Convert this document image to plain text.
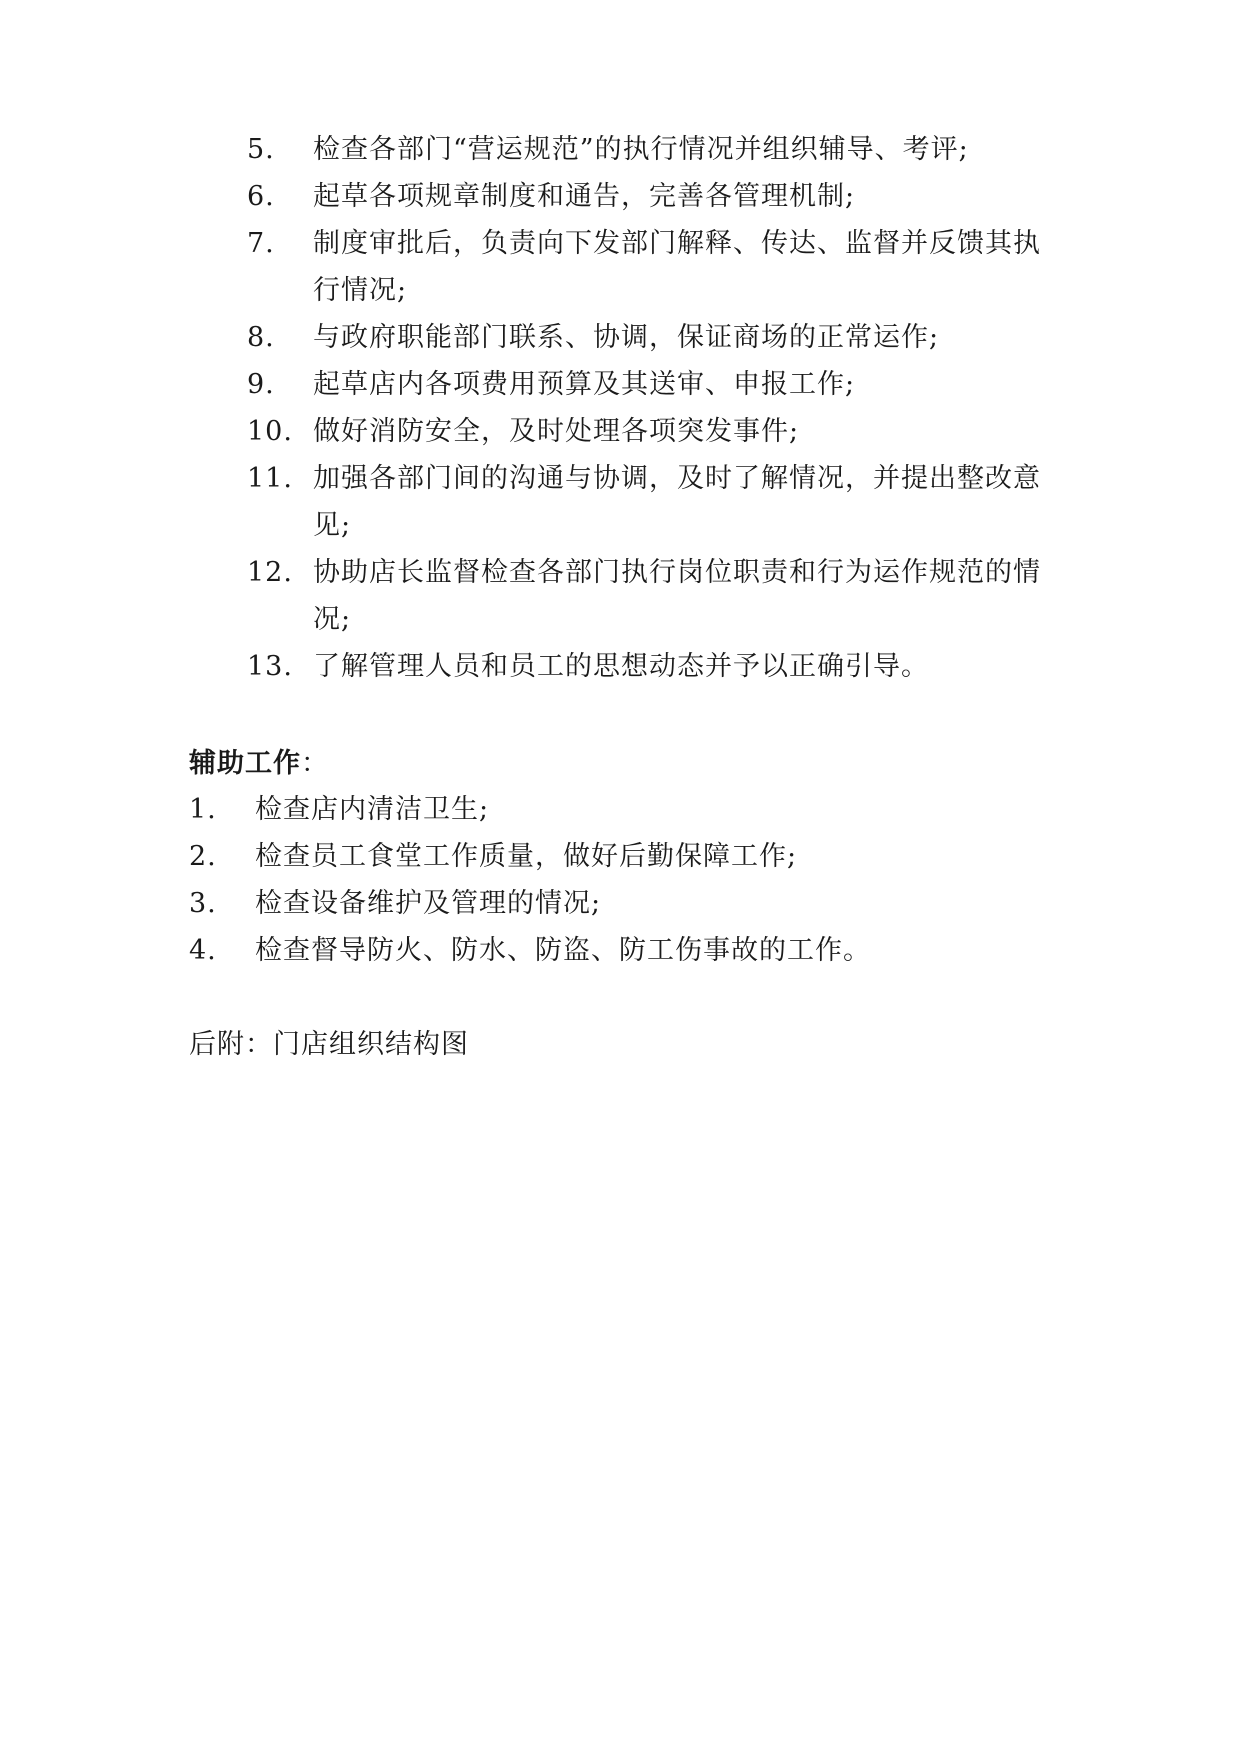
5.	检查各部门“营运规范”的执行情况并组织辅导、考评;
6.	起草各项规章制度和通告，完善各管理机制;
7.	制度审批后，负责向下发部门解释、传达、监督并反馈其执行情况;
8.	与政府职能部门联系、协调，保证商场的正常运作;
9.	起草店内各项费用预算及其送审、申报工作;
10. 做好消防安全，及时处理各项突发事件;
11. 加强各部门间的沟通与协调，及时了解情况，并提出整改意见;
12. 协助店长监督检查各部门执行岗位职责和行为运作规范的情况;
13. 了解管理人员和员工的思想动态并予以正确引导。
辅助工作：
1.	检查店内清洁卫生;
2.	检查员工食堂工作质量，做好后勤保障工作;
3.	检查设备维护及管理的情况;
4.	检查督导防火、防水、防盗、防工伤事故的工作。
后附：门店组织结构图
